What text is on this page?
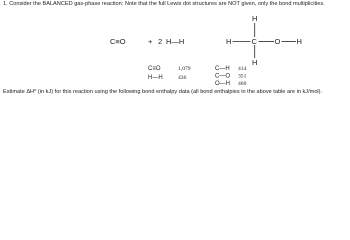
1. Consider the BALANCED gas-phase reaction: Note that the full Lewis dot structures are NOT given, only the bond multiplicities.
C≡O	+ 2 H—H
H
H	C O H
H
C≡O	1,079
H—H	436
C—H 414
C—O 351
O—H 460
Estimate $\Delta H^o$ (in kJ) for this reaction using the following bond enthalpy data (all bond enthalpies in the above table are in kJ/mol).
